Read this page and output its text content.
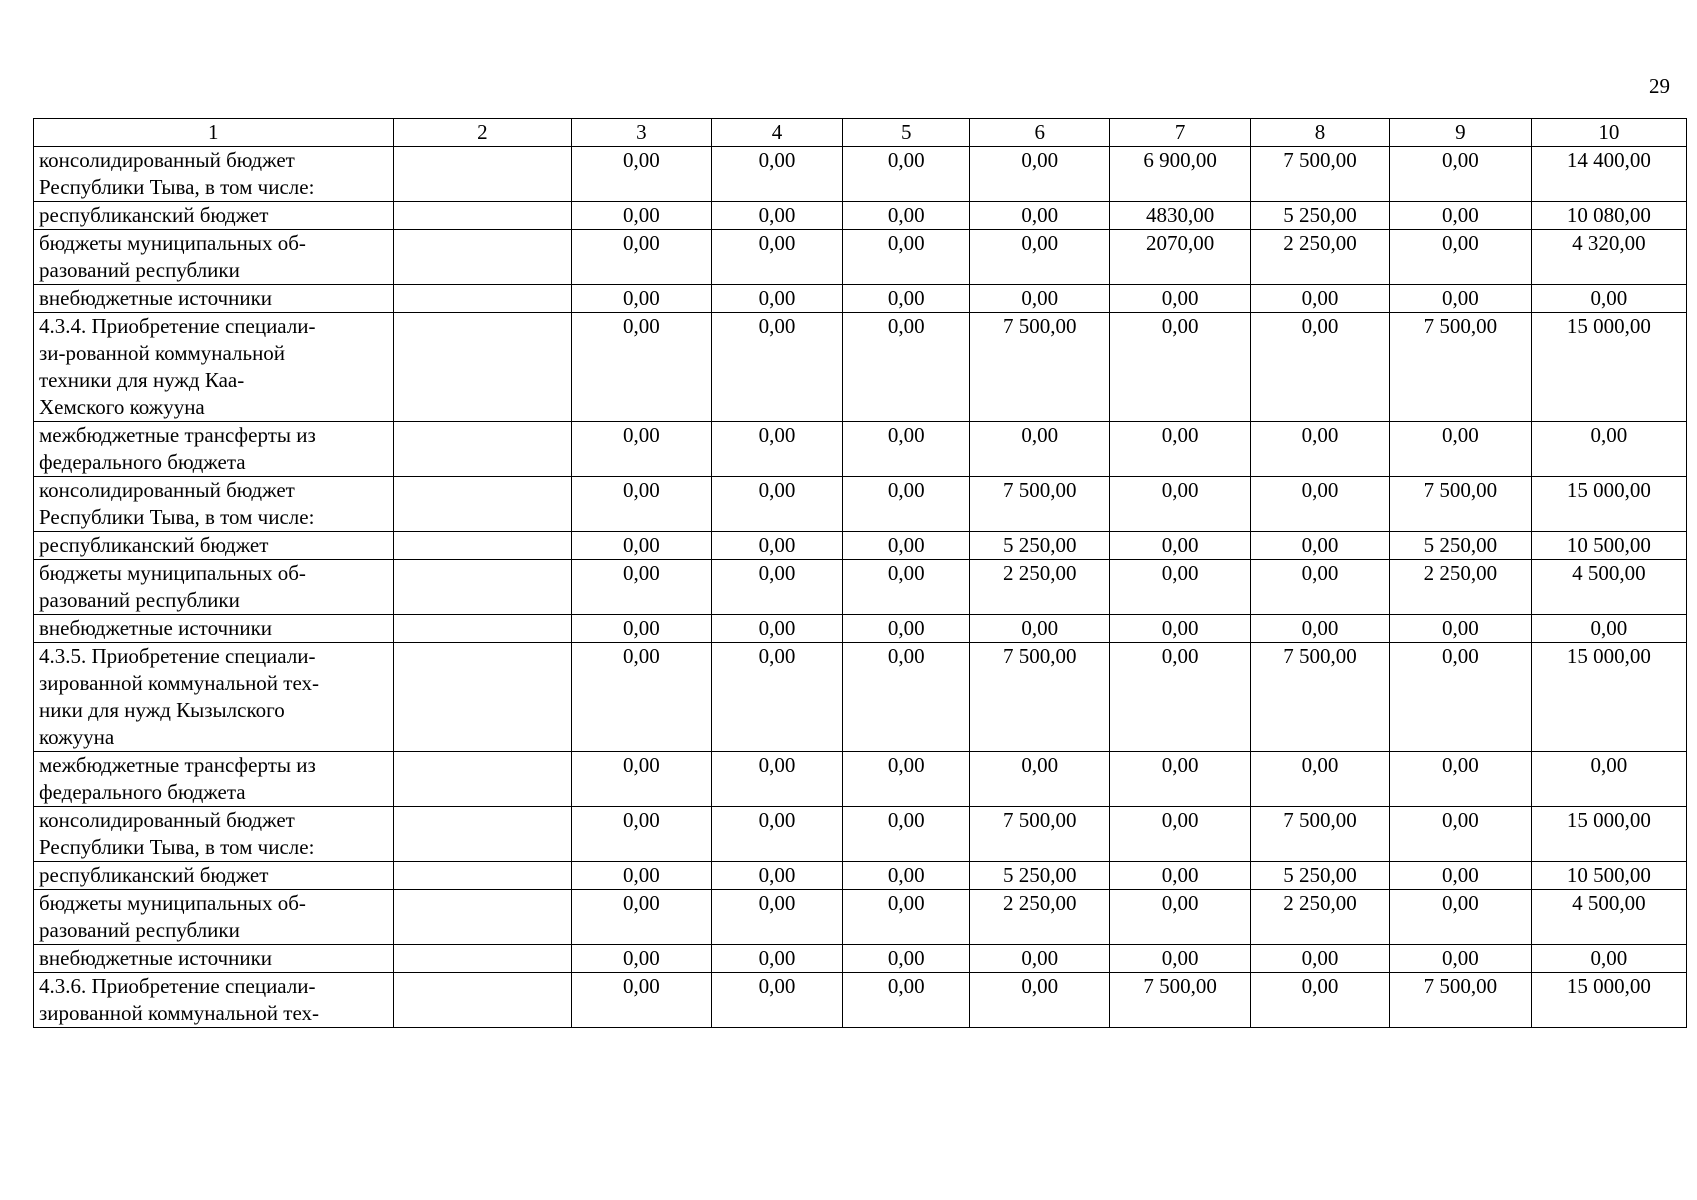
29
1	2	3	4	5	6	7	8	9	10

консолидированный бюджет
Республики Тыва, в том числе:		0,00	0,00	0,00	0,00	6 900,00	7 500,00	0,00	14 400,00

республиканский бюджет		0,00	0,00	0,00	0,00	4830,00	5 250,00	0,00	10 080,00

бюджеты муниципальных об-
разований республики		0,00	0,00	0,00	0,00	2070,00	2 250,00	0,00	4 320,00

внебюджетные источники		0,00	0,00	0,00	0,00	0,00	0,00	0,00	0,00

4.3.4. Приобретение специали-
зи-рованной коммунальной
техники для нужд Каа-
Хемского кожууна		0,00	0,00	0,00	7 500,00	0,00	0,00	7 500,00	15 000,00

межбюджетные трансферты из
федерального бюджета		0,00	0,00	0,00	0,00	0,00	0,00	0,00	0,00

консолидированный бюджет
Республики Тыва, в том числе:		0,00	0,00	0,00	7 500,00	0,00	0,00	7 500,00	15 000,00

республиканский бюджет		0,00	0,00	0,00	5 250,00	0,00	0,00	5 250,00	10 500,00

бюджеты муниципальных об-
разований республики		0,00	0,00	0,00	2 250,00	0,00	0,00	2 250,00	4 500,00

внебюджетные источники		0,00	0,00	0,00	0,00	0,00	0,00	0,00	0,00

4.3.5. Приобретение специали-
зированной коммунальной тех-
ники для нужд Кызылского
кожууна		0,00	0,00	0,00	7 500,00	0,00	7 500,00	0,00	15 000,00

межбюджетные трансферты из
федерального бюджета		0,00	0,00	0,00	0,00	0,00	0,00	0,00	0,00

консолидированный бюджет
Республики Тыва, в том числе:		0,00	0,00	0,00	7 500,00	0,00	7 500,00	0,00	15 000,00

республиканский бюджет		0,00	0,00	0,00	5 250,00	0,00	5 250,00	0,00	10 500,00

бюджеты муниципальных об-
разований республики		0,00	0,00	0,00	2 250,00	0,00	2 250,00	0,00	4 500,00

внебюджетные источники		0,00	0,00	0,00	0,00	0,00	0,00	0,00	0,00

4.3.6. Приобретение специали-
зированной коммунальной тех-		0,00	0,00	0,00	0,00	7 500,00	0,00	7 500,00	15 000,00
